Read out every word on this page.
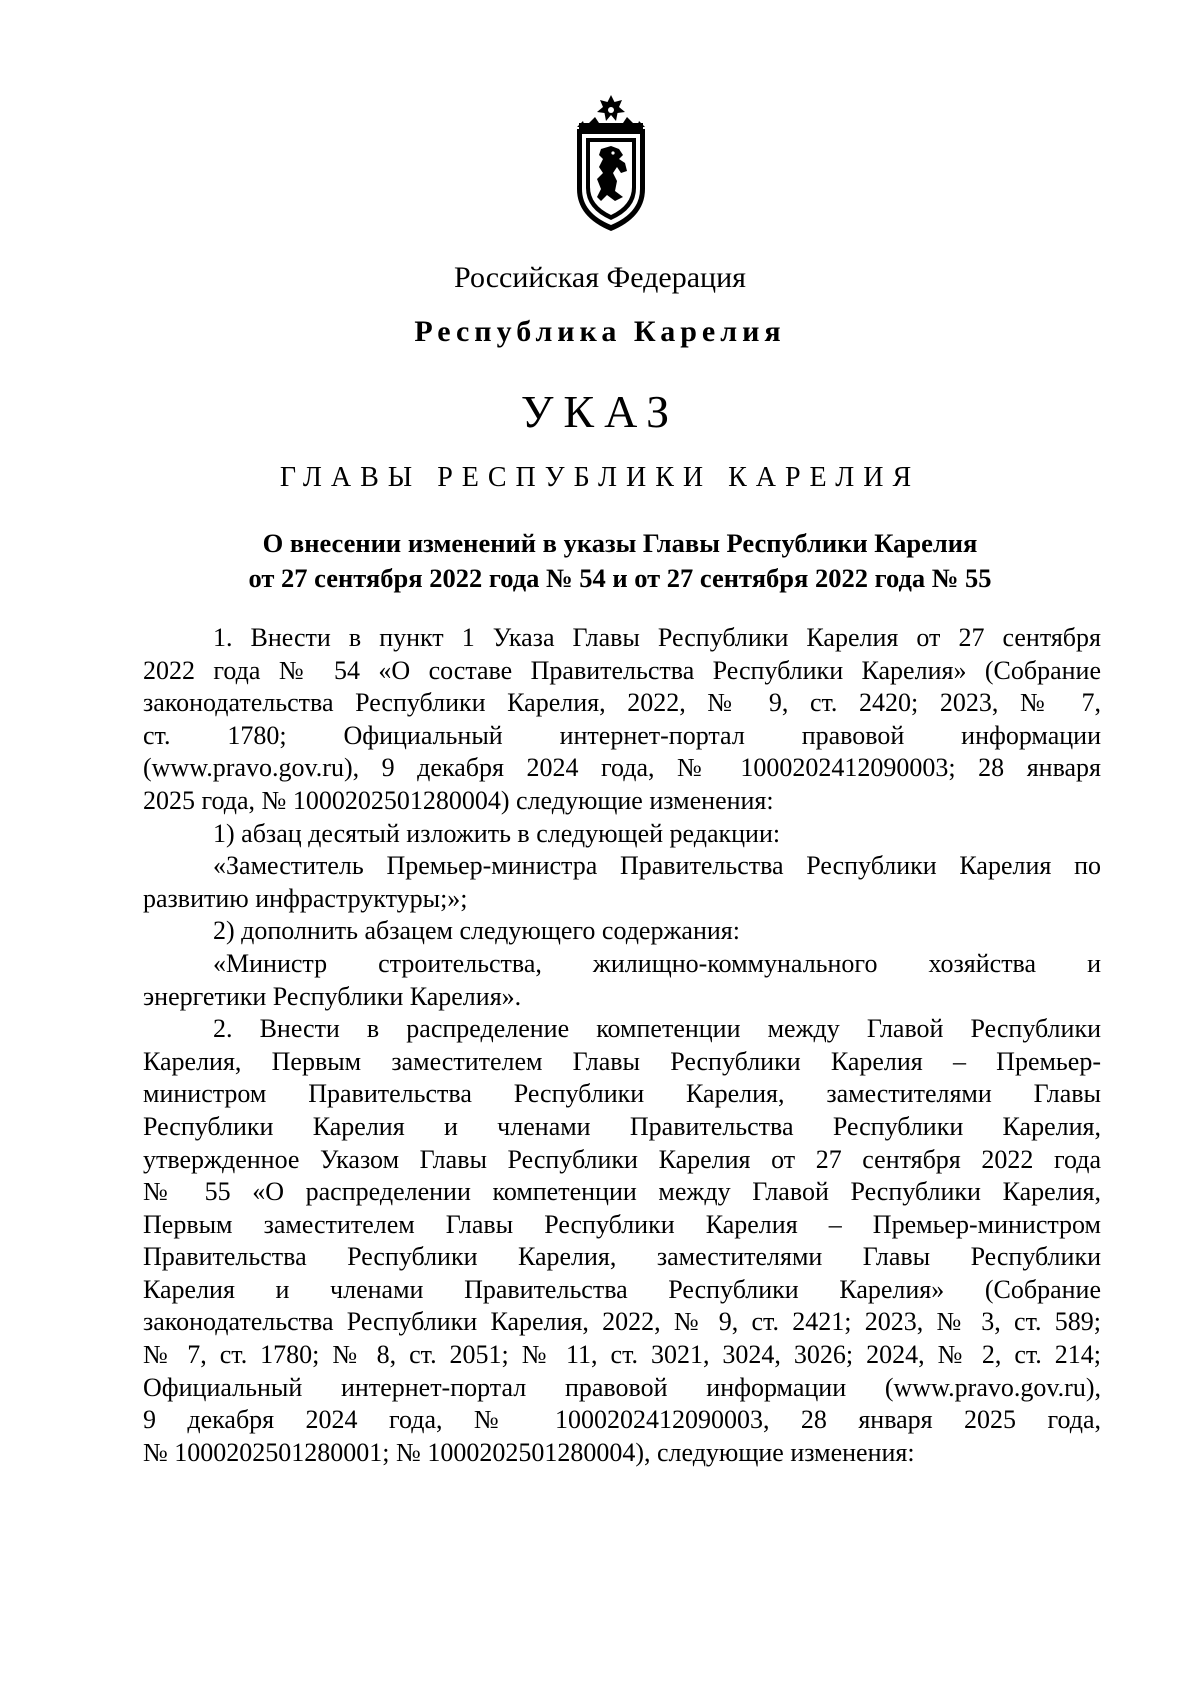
Российская Федерация
Республика Карелия
УКАЗ
ГЛАВЫ РЕСПУБЛИКИ КАРЕЛИЯ
О внесении изменений в указы Главы Республики Карелия
от 27 сентября 2022 года № 54 и от 27 сентября 2022 года № 55

1. Внести в пункт 1 Указа Главы Республики Карелия от 27 сентября
2022 года № 54 «О составе Правительства Республики Карелия» (Собрание
законодательства Республики Карелия, 2022, № 9, ст. 2420; 2023, № 7,
ст. 1780; Официальный интернет-портал правовой информации
(www.pravo.gov.ru), 9 декабря 2024 года, № 1000202412090003; 28 января
2025 года, № 1000202501280004) следующие изменения:

1) абзац десятый изложить в следующей редакции:

«Заместитель Премьер-министра Правительства Республики Карелия по
развитию инфраструктуры;»;

2) дополнить абзацем следующего содержания:

«Министр строительства, жилищно-коммунального хозяйства и
энергетики Республики Карелия».

2. Внести в распределение компетенции между Главой Республики
Карелия, Первым заместителем Главы Республики Карелия – Премьер-
министром Правительства Республики Карелия, заместителями Главы
Республики Карелия и членами Правительства Республики Карелия,
утвержденное Указом Главы Республики Карелия от 27 сентября 2022 года
№ 55 «О распределении компетенции между Главой Республики Карелия,
Первым заместителем Главы Республики Карелия – Премьер-министром
Правительства Республики Карелия, заместителями Главы Республики
Карелия и членами Правительства Республики Карелия» (Собрание
законодательства Республики Карелия, 2022, № 9, ст. 2421; 2023, № 3, ст. 589;
№ 7, ст. 1780; № 8, ст. 2051; № 11, ст. 3021, 3024, 3026; 2024, № 2, ст. 214;
Официальный интернет-портал правовой информации (www.pravo.gov.ru),
9 декабря 2024 года, № 1000202412090003, 28 января 2025 года,
№ 1000202501280001; № 1000202501280004), следующие изменения:
